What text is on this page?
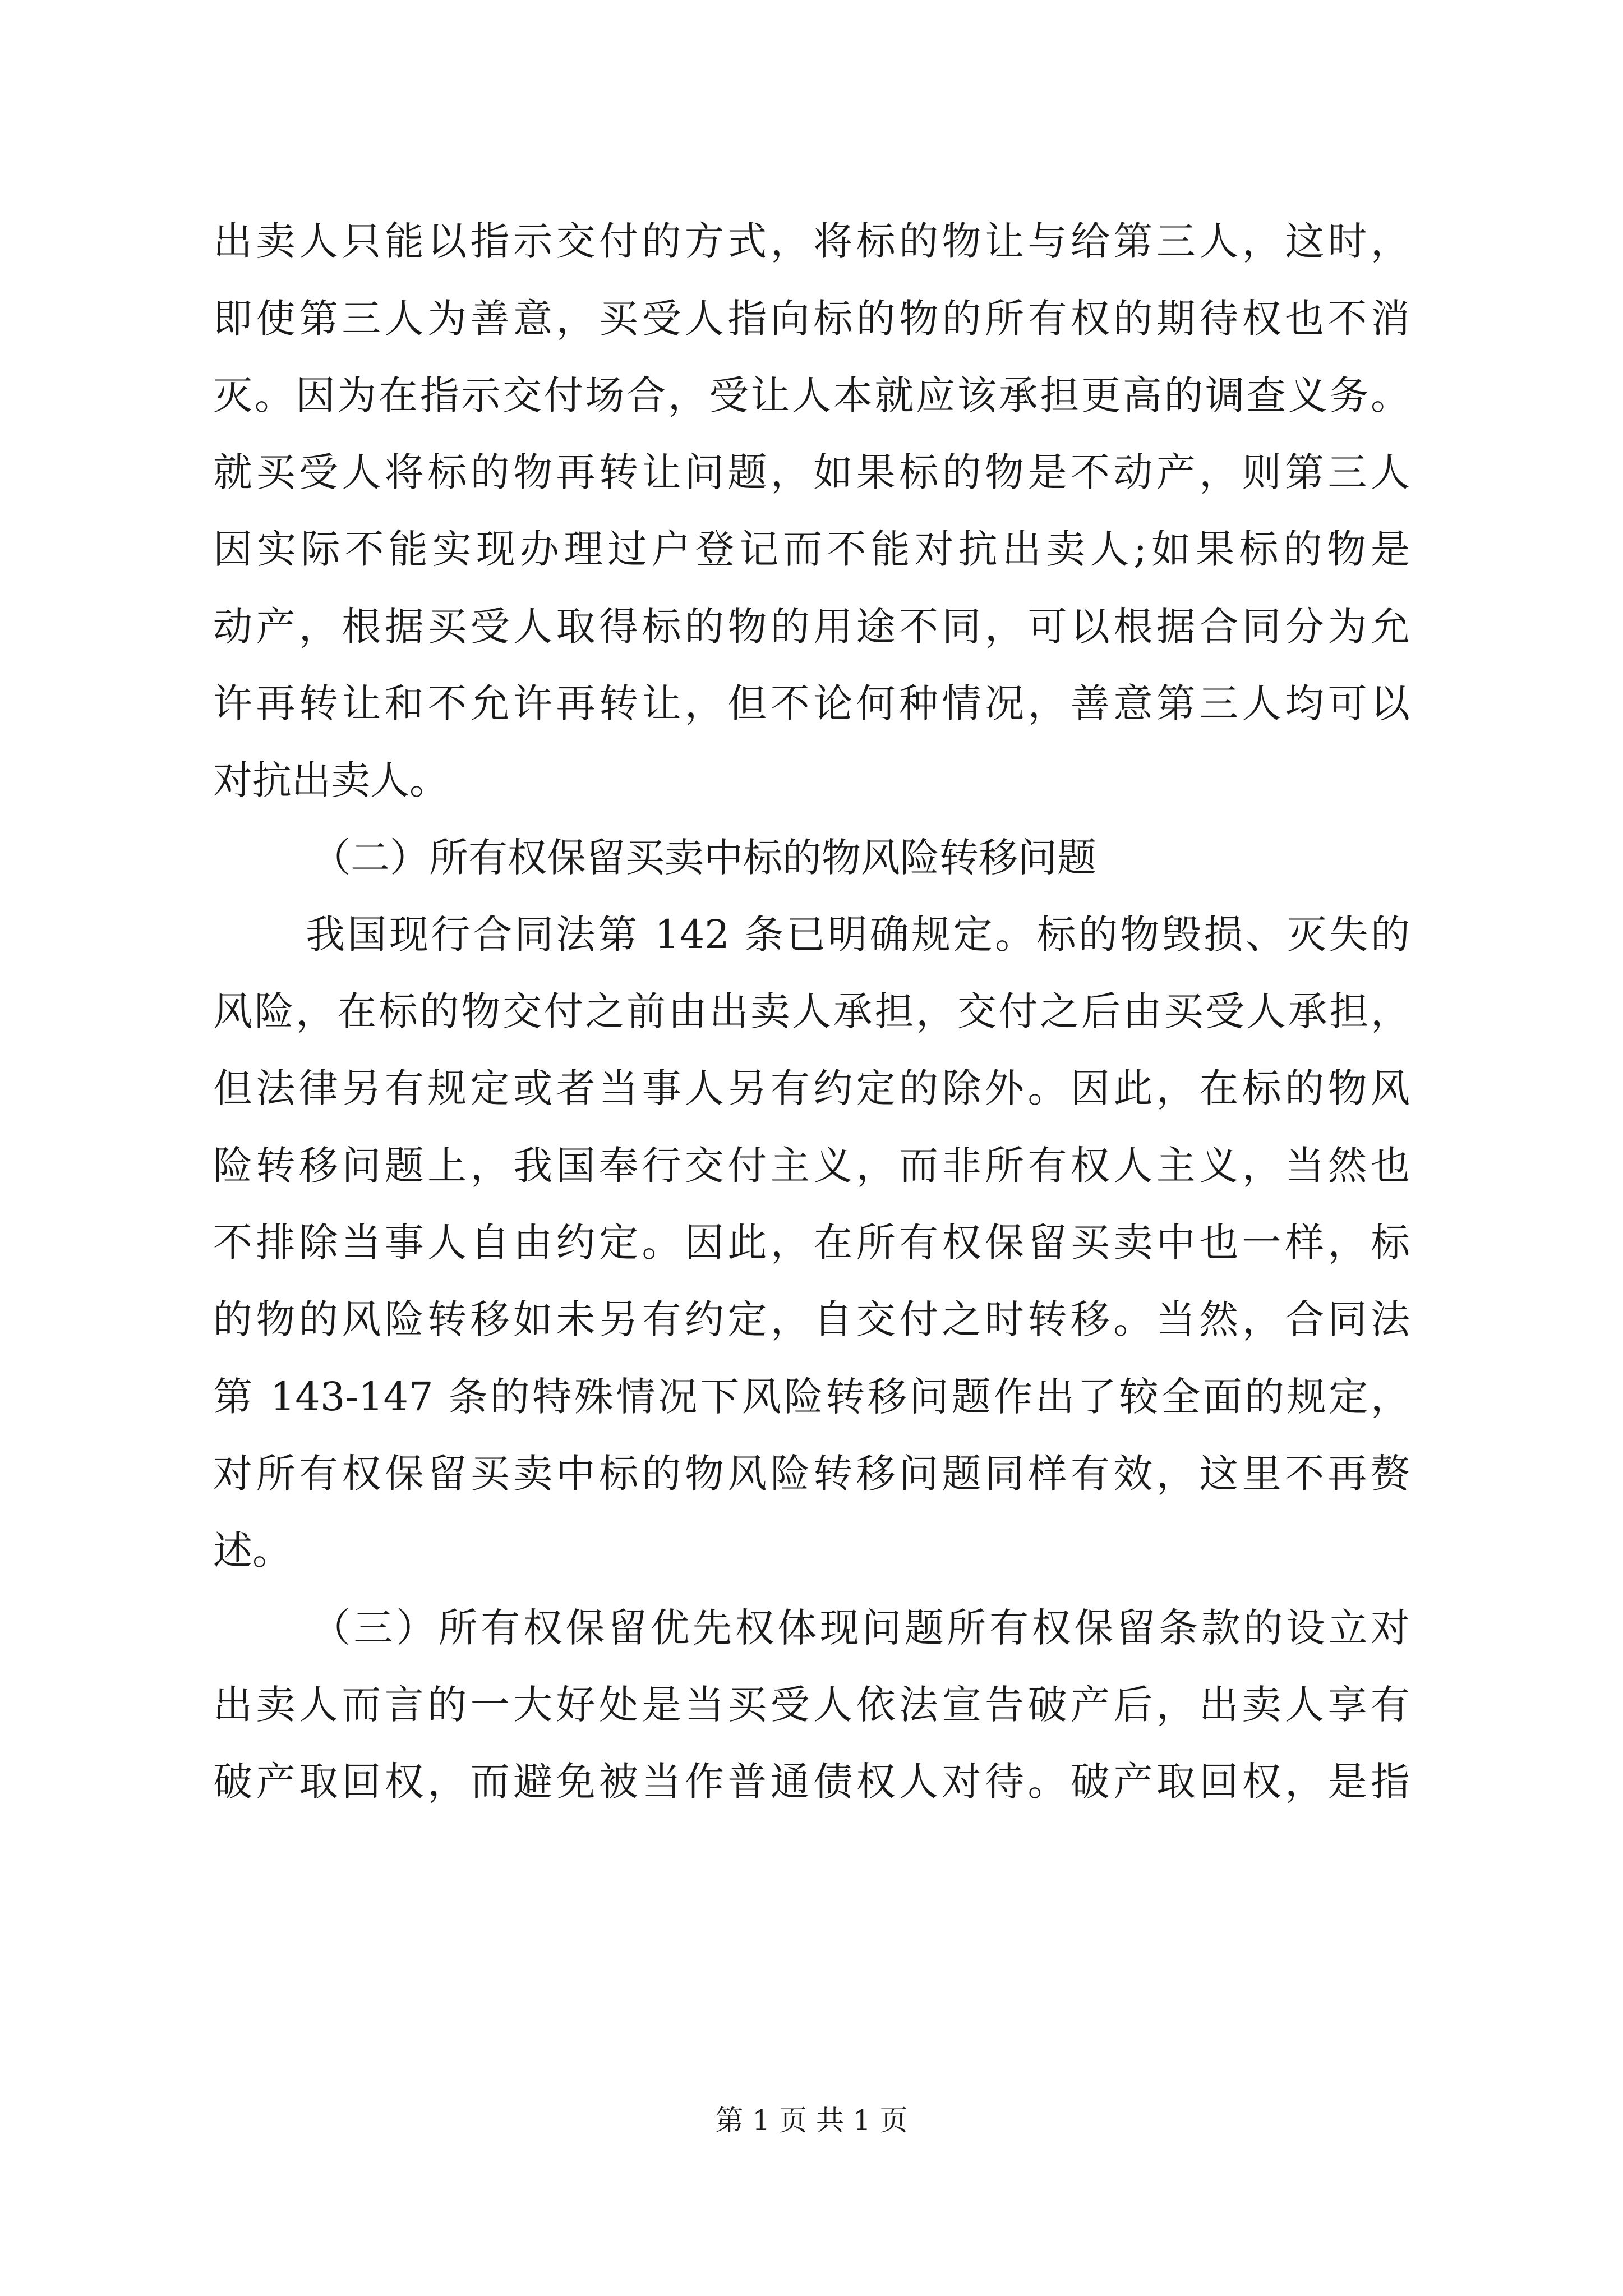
出卖人只能以指示交付的方式，将标的物让与给第三人，这时，
即使第三人为善意，买受人指向标的物的所有权的期待权也不消
灭。因为在指示交付场合，受让人本就应该承担更高的调查义务。
就买受人将标的物再转让问题，如果标的物是不动产，则第三人
因实际不能实现办理过户登记而不能对抗出卖人;如果标的物是
动产，根据买受人取得标的物的用途不同，可以根据合同分为允
许再转让和不允许再转让，但不论何种情况，善意第三人均可以
对抗出卖人。
（二）所有权保留买卖中标的物风险转移问题
我国现行合同法第 142 条已明确规定。标的物毁损、灭失的
风险，在标的物交付之前由出卖人承担，交付之后由买受人承担，
但法律另有规定或者当事人另有约定的除外。因此，在标的物风
险转移问题上，我国奉行交付主义，而非所有权人主义，当然也
不排除当事人自由约定。因此，在所有权保留买卖中也一样，标
的物的风险转移如未另有约定，自交付之时转移。当然，合同法
第 143-147 条的特殊情况下风险转移问题作出了较全面的规定，
对所有权保留买卖中标的物风险转移问题同样有效，这里不再赘
述。
（三）所有权保留优先权体现问题所有权保留条款的设立对
出卖人而言的一大好处是当买受人依法宣告破产后，出卖人享有
破产取回权，而避免被当作普通债权人对待。破产取回权，是指
第 1 页 共 1 页
